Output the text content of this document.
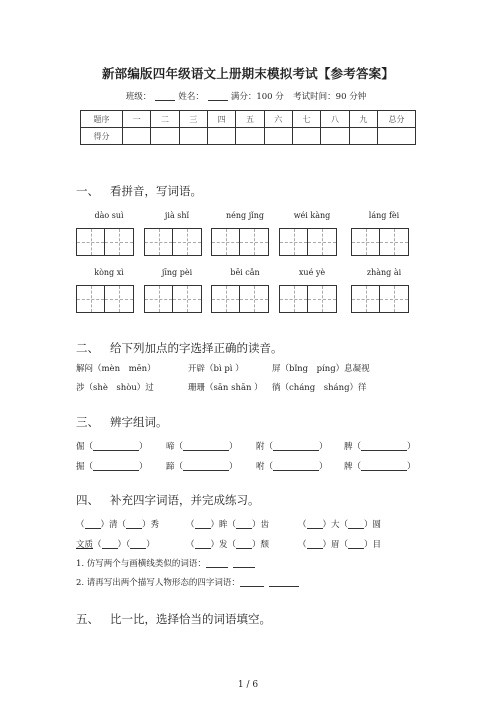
新部编版四年级语文上册期末模拟考试【参考答案】
班级：	姓名：	满分：100 分 考试时间：90 分钟
题序	一	二	三	四	五	六	七	八	九	总分
得分										
一、 看拼音，写词语。
dào suì	jià shǐ	néng jǐng	wéi kàng	láng fèi
kòng xì	jīng pèi	bēi cǎn	xué yè	zhàng ài
二、 给下列加点的字选择正确的读音。
解闷（mèn　mēn）	开辟（bì pì ）	屏（bǐng　píng）息凝视
涉（shè　shòu）过	珊珊（sān shān ） 徜（cháng　sháng）徉
三、 辨字组词。
倔（	） 啼（	） 附（	） 脾（	）
掘（	） 蹄（	） 咐（	） 牌（	）
四、 补充四字词语，并完成练习。
（ ）清（ ）秀	（ ）眸（ ）齿	（ ）大（ ）圆
文质（ ）（ ）	（ ）发（ ）颓	（ ）眉（ ）目
1. 仿写两个与画横线类似的词语：
2. 请再写出两个描写人物形态的四字词语：
五、 比一比，选择恰当的词语填空。
1 / 6
